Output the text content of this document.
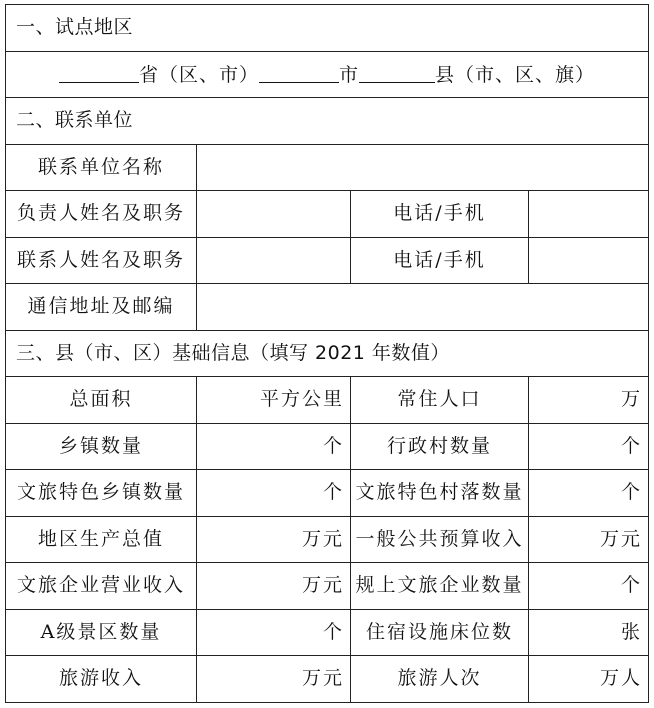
一、试点地区			
省（区、市） 市 县（市、区、旗）			
二、联系单位			
联系单位名称			
负责人姓名及职务		电话/手机	
联系人姓名及职务		电话/手机	
通信地址及邮编			
三、县（市、区）基础信息（填写 2021 年数值）			
总面积	平方公里	常住人口	万
乡镇数量	个	行政村数量	个
文旅特色乡镇数量	个	文旅特色村落数量	个
地区生产总值	万元	一般公共预算收入	万元
文旅企业营业收入	万元	规上文旅企业数量	个
A级景区数量	个	住宿设施床位数	张
旅游收入	万元	旅游人次	万人
